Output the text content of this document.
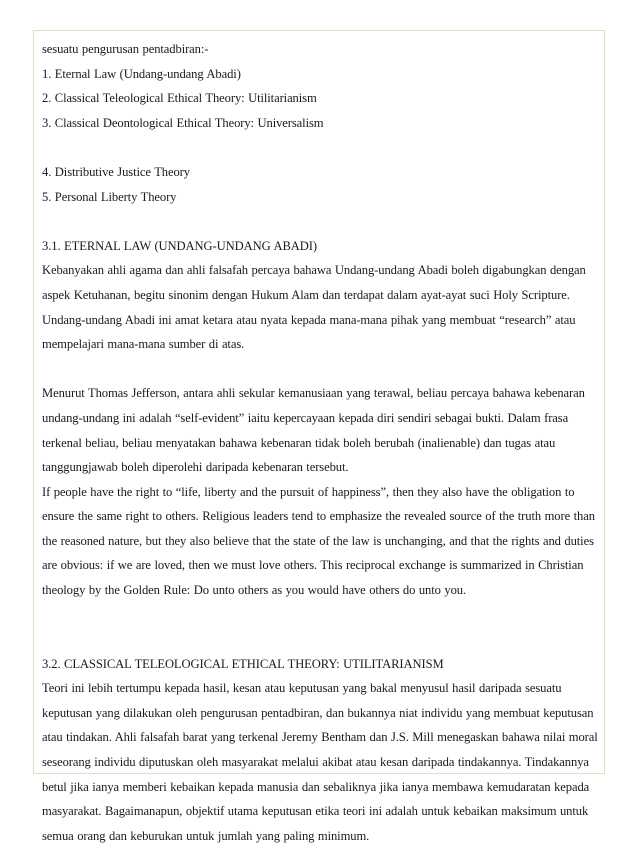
sesuatu pengurusan pentadbiran:-
1. Eternal Law (Undang-undang Abadi)
2. Classical Teleological Ethical Theory: Utilitarianism
3. Classical Deontological Ethical Theory: Universalism
4. Distributive Justice Theory
5. Personal Liberty Theory
3.1. ETERNAL LAW (UNDANG-UNDANG ABADI)
Kebanyakan ahli agama dan ahli falsafah percaya bahawa Undang-undang Abadi boleh digabungkan dengan
aspek Ketuhanan, begitu sinonim dengan Hukum Alam dan terdapat dalam ayat-ayat suci Holy Scripture.
Undang-undang Abadi ini amat ketara atau nyata kepada mana-mana pihak yang membuat “research” atau
mempelajari mana-mana sumber di atas.
Menurut Thomas Jefferson, antara ahli sekular kemanusiaan yang terawal, beliau percaya bahawa kebenaran
undang-undang ini adalah “self-evident” iaitu kepercayaan kepada diri sendiri sebagai bukti. Dalam frasa
terkenal beliau, beliau menyatakan bahawa kebenaran tidak boleh berubah (inalienable) dan tugas atau
tanggungjawab boleh diperolehi daripada kebenaran tersebut.
If people have the right to “life, liberty and the pursuit of happiness”, then they also have the obligation to
ensure the same right to others. Religious leaders tend to emphasize the revealed source of the truth more than
the reasoned nature, but they also believe that the state of the law is unchanging, and that the rights and duties
are obvious: if we are loved, then we must love others. This reciprocal exchange is summarized in Christian
theology by the Golden Rule: Do unto others as you would have others do unto you.
3.2. CLASSICAL TELEOLOGICAL ETHICAL THEORY: UTILITARIANISM
Teori ini lebih tertumpu kepada hasil, kesan atau keputusan yang bakal menyusul hasil daripada sesuatu
keputusan yang dilakukan oleh pengurusan pentadbiran, dan bukannya niat individu yang membuat keputusan
atau tindakan. Ahli falsafah barat yang terkenal Jeremy Bentham dan J.S. Mill menegaskan bahawa nilai moral
seseorang individu diputuskan oleh masyarakat melalui akibat atau kesan daripada tindakannya. Tindakannya
betul jika ianya memberi kebaikan kepada manusia dan sebaliknya jika ianya membawa kemudaratan kepada
masyarakat. Bagaimanapun, objektif utama keputusan etika teori ini adalah untuk kebaikan maksimum untuk
semua orang dan keburukan untuk jumlah yang paling minimum.
